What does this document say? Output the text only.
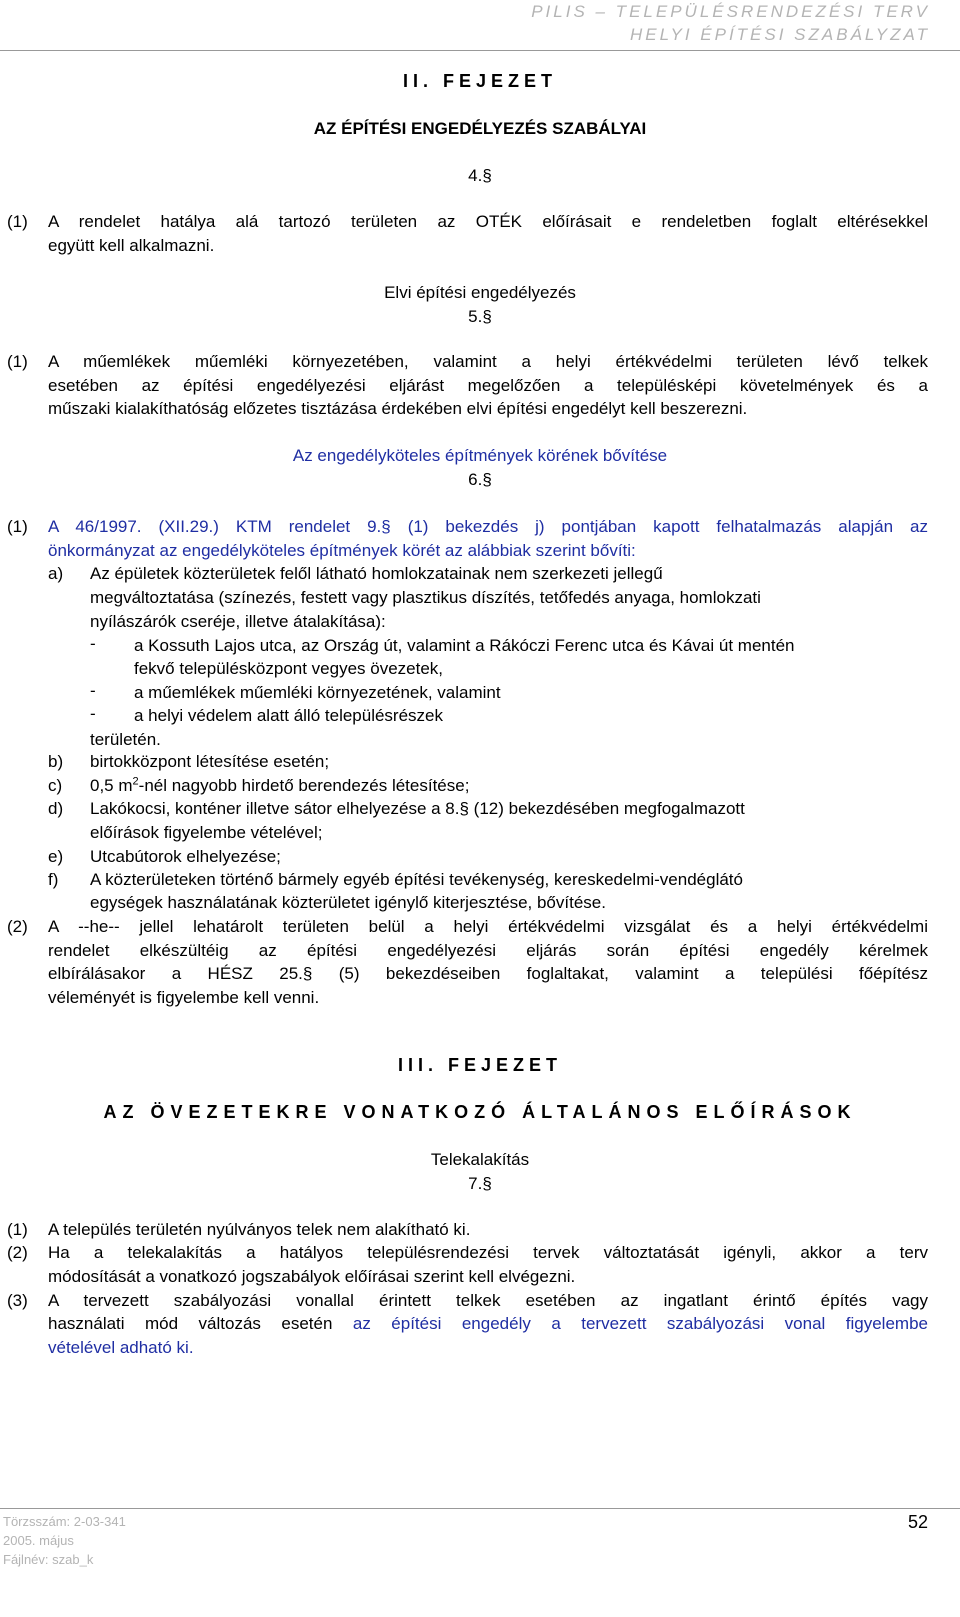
PILIS – TELEPÜLÉSRENDEZÉSI TERV
HELYI ÉPÍTÉSI SZABÁLYZAT
II. FEJEZET
AZ ÉPÍTÉSI ENGEDÉLYEZÉS SZABÁLYAI
4.§
(1) A rendelet hatálya alá tartozó területen az OTÉK előírásait e rendeletben foglalt eltérésekkel
együtt kell alkalmazni.
Elvi építési engedélyezés
5.§
(1) A műemlékek műemléki környezetében, valamint a helyi értékvédelmi területen lévő telkek
esetében az építési engedélyezési eljárást megelőzően a településképi követelmények és a
műszaki kialakíthatóság előzetes tisztázása érdekében elvi építési engedélyt kell beszerezni.
Az engedélyköteles építmények körének bővítése
6.§
(1) A 46/1997. (XII.29.) KTM rendelet 9.§ (1) bekezdés j) pontjában kapott felhatalmazás alapján az
önkormányzat az engedélyköteles építmények körét az alábbiak szerint bővíti:
a) Az épületek közterületek felől látható homlokzatainak nem szerkezeti jellegű
megváltoztatása (színezés, festett vagy plasztikus díszítés, tetőfedés anyaga, homlokzati
nyílászárók cseréje, illetve átalakítása):
- a Kossuth Lajos utca, az Ország út, valamint a Rákóczi Ferenc utca és Kávai út mentén
fekvő településközpont vegyes övezetek,
- a műemlékek műemléki környezetének, valamint
- a helyi védelem alatt álló településrészek
területén.
b) birtokközpont létesítése esetén;
c) 0,5 $m^2$-nél nagyobb hirdető berendezés létesítése;
d) Lakókocsi, konténer illetve sátor elhelyezése a 8.§ (12) bekezdésében megfogalmazott
előírások figyelembe vételével;
e) Utcabútorok elhelyezése;
f) A közterületeken történő bármely egyéb építési tevékenység, kereskedelmi-vendéglátó
egységek használatának közterületet igénylő kiterjesztése, bővítése.
(2) A --he-- jellel lehatárolt területen belül a helyi értékvédelmi vizsgálat és a helyi értékvédelmi
rendelet elkészültéig az építési engedélyezési eljárás során építési engedély kérelmek
elbírálásakor a HÉSZ 25.§ (5) bekezdéseiben foglaltakat, valamint a települési főépítész
véleményét is figyelembe kell venni.
III. FEJEZET
AZ ÖVEZETEKRE VONATKOZÓ ÁLTALÁNOS ELŐÍRÁSOK
Telekalakítás
7.§
(1) A település területén nyúlványos telek nem alakítható ki.
(2) Ha a telekalakítás a hatályos településrendezési tervek változtatását igényli, akkor a terv
módosítását a vonatkozó jogszabályok előírásai szerint kell elvégezni.
(3) A tervezett szabályozási vonallal érintett telkek esetében az ingatlant érintő építés vagy
használati mód változás esetén az építési engedély a tervezett szabályozási vonal figyelembe
vételével adható ki.
Törzsszám: 2-03-341
2005. május
Fájlnév: szab_k
52
